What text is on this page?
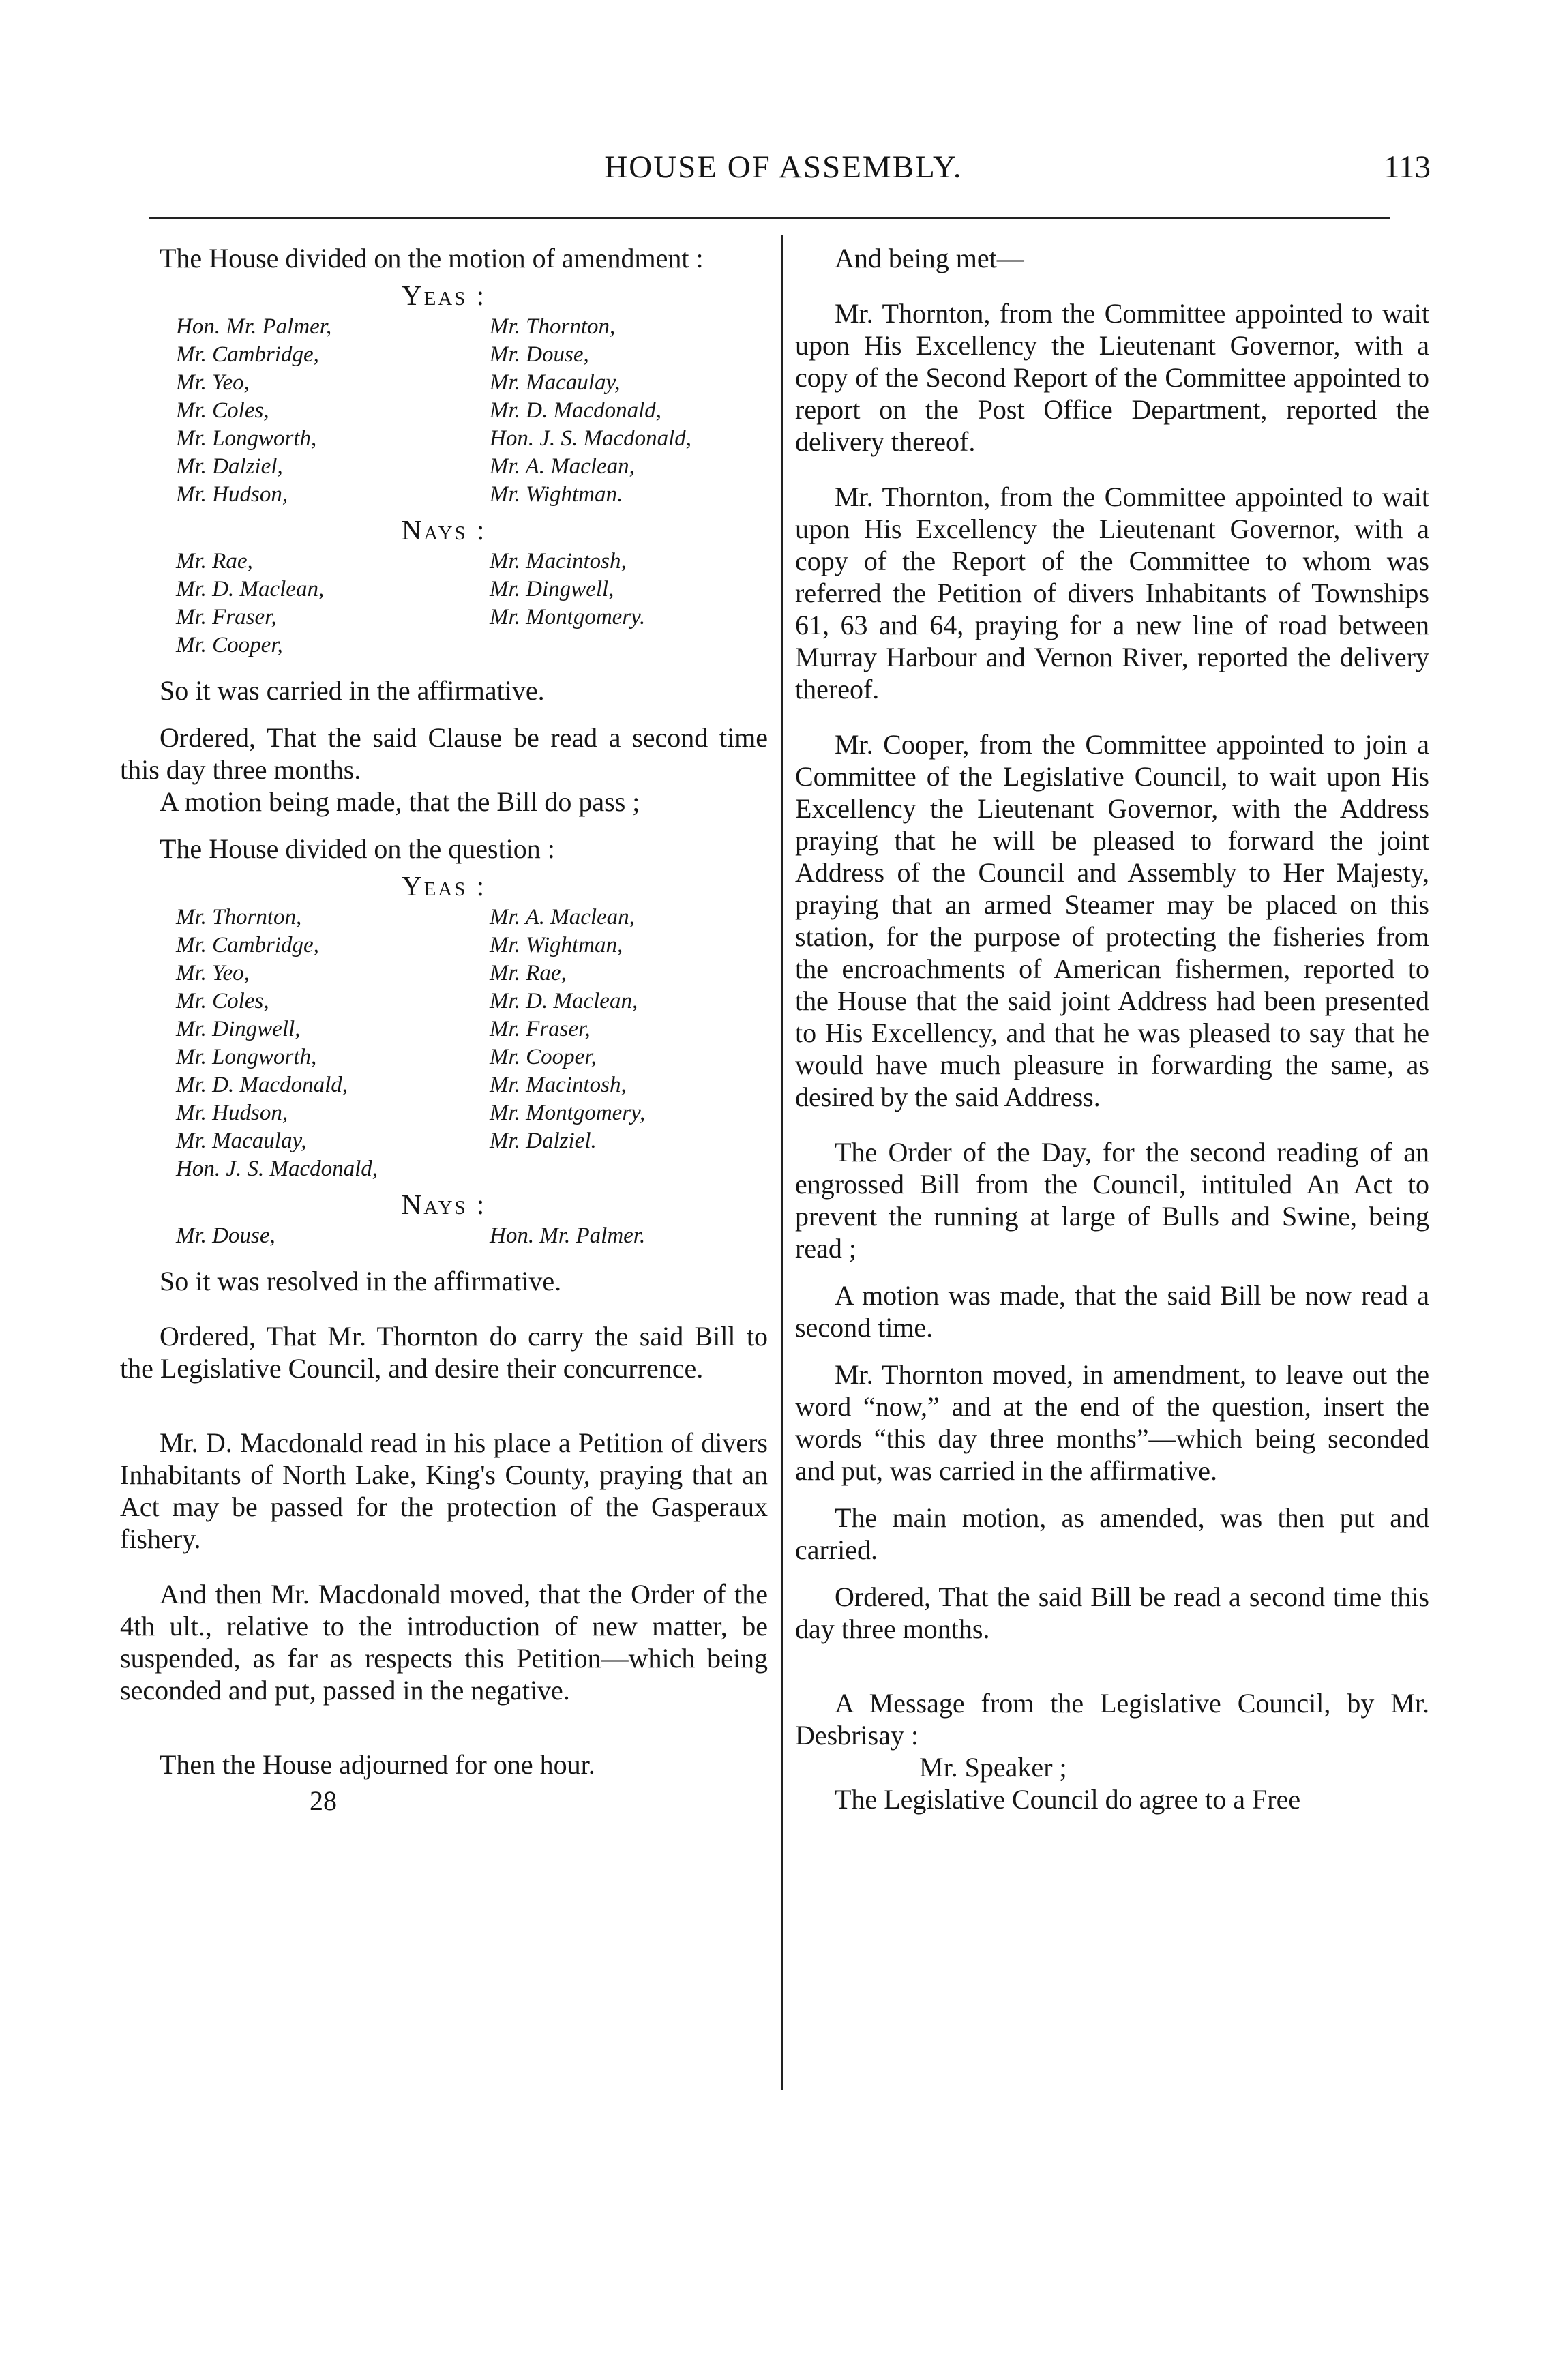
HOUSE OF ASSEMBLY.	113

The House divided on the motion of amendment :

Yeas :
Hon. Mr. Palmer,	Mr. Thornton,
Mr. Cambridge,	Mr. Douse,
Mr. Yeo,	Mr. Macaulay,
Mr. Coles,	Mr. D. Macdonald,
Mr. Longworth,	Hon. J. S. Macdonald,
Mr. Dalziel,	Mr. A. Maclean,
Mr. Hudson,	Mr. Wightman.
Nays :
Mr. Rae,	Mr. Macintosh,
Mr. D. Maclean,	Mr. Dingwell,
Mr. Fraser,	Mr. Montgomery.
Mr. Cooper,

So it was carried in the affirmative.

Ordered, That the said Clause be read a second time this day three months.

A motion being made, that the Bill do pass ;

The House divided on the question :

Yeas :
Mr. Thornton,	Mr. A. Maclean,
Mr. Cambridge,	Mr. Wightman,
Mr. Yeo,	Mr. Rae,
Mr. Coles,	Mr. D. Maclean,
Mr. Dingwell,	Mr. Fraser,
Mr. Longworth,	Mr. Cooper,
Mr. D. Macdonald,	Mr. Macintosh,
Mr. Hudson,	Mr. Montgomery,
Mr. Macaulay,	Mr. Dalziel.
Hon. J. S. Macdonald,
Nays :
Mr. Douse,	Hon. Mr. Palmer.

So it was resolved in the affirmative.

Ordered, That Mr. Thornton do carry the said Bill to the Legislative Council, and desire their concurrence.

Mr. D. Macdonald read in his place a Petition of divers Inhabitants of North Lake, King's County, praying that an Act may be passed for the protection of the Gasperaux fishery.

And then Mr. Macdonald moved, that the Order of the 4th ult., relative to the introduction of new matter, be suspended, as far as respects this Petition—which being seconded and put, passed in the negative.

Then the House adjourned for one hour.

28

And being met—

Mr. Thornton, from the Committee appointed to wait upon His Excellency the Lieutenant Governor, with a copy of the Second Report of the Committee appointed to report on the Post Office Department, reported the delivery thereof.

Mr. Thornton, from the Committee appointed to wait upon His Excellency the Lieutenant Governor, with a copy of the Report of the Committee to whom was referred the Petition of divers Inhabitants of Townships 61, 63 and 64, praying for a new line of road between Murray Harbour and Vernon River, reported the delivery thereof.

Mr. Cooper, from the Committee appointed to join a Committee of the Legislative Council, to wait upon His Excellency the Lieutenant Governor, with the Address praying that he will be pleased to forward the joint Address of the Council and Assembly to Her Majesty, praying that an armed Steamer may be placed on this station, for the purpose of protecting the fisheries from the encroachments of American fishermen, reported to the House that the said joint Address had been presented to His Excellency, and that he was pleased to say that he would have much pleasure in forwarding the same, as desired by the said Address.

The Order of the Day, for the second reading of an engrossed Bill from the Council, intituled An Act to prevent the running at large of Bulls and Swine, being read ;

A motion was made, that the said Bill be now read a second time.

Mr. Thornton moved, in amendment, to leave out the word “now,” and at the end of the question, insert the words “this day three months”—which being seconded and put, was carried in the affirmative.

The main motion, as amended, was then put and carried.

Ordered, That the said Bill be read a second time this day three months.

A Message from the Legislative Council, by Mr. Desbrisay :

Mr. Speaker ;

The Legislative Council do agree to a Free
